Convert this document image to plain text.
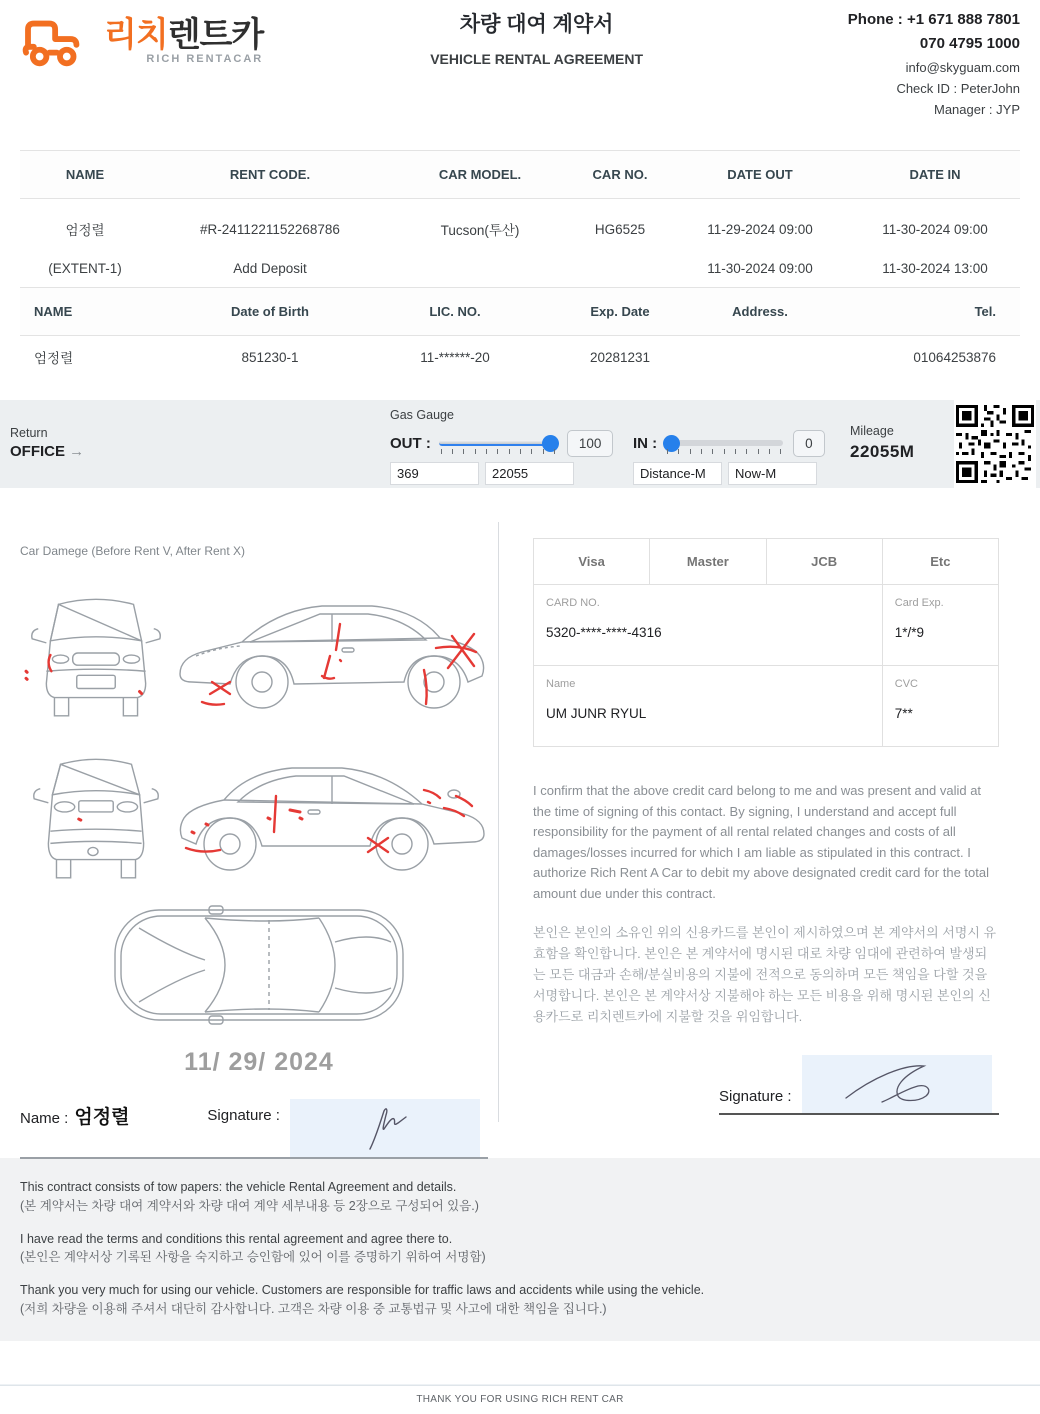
리치렌트카
RICH RENTACAR
차량 대여 계약서
VEHICLE RENTAL AGREEMENT
Phone : +1 671 888 7801
070 4795 1000
info@skyguam.com
Check ID : PeterJohn
Manager : JYP
NAME	RENT CODE.	CAR MODEL.	CAR NO.	DATE OUT	DATE IN
엄정렬	#R-2411221152268786	Tucson(투산)	HG6525	11-29-2024 09:00	11-30-2024 09:00
(EXTENT-1)	Add Deposit			11-30-2024 09:00	11-30-2024 13:00
NAME	Date of Birth	LIC. NO.	Exp. Date	Address.	Tel.
엄정렬	851230-1	11-******-20	20281231		01064253876
Return
OFFICE →
Gas Gauge
OUT :	100
369
22055	IN :	0
Distance-M
Now-M
Mileage
22055M
Car Damege (Before Rent V, After Rent X)
11/ 29/ 2024
Name : 엄정렬	Signature :
Visa	Master	JCB	Etc

CARD NO.
5320-****-****-4316

Card Exp.
1*/*9

Name
UM JUNR RYUL

CVC
7**

I confirm that the above credit card belong to me and was present and valid at the time of signing of this contact. By signing, I understand and accept full responsibility for the payment of all rental related changes and costs of all damages/losses incurred for which I am liable as stipulated in this contract. I authorize Rich Rent A Car to debit my above designated credit card for the total amount due under this contract.

본인은 본인의 소유인 위의 신용카드를 본인이 제시하였으며 본 계약서의 서명시 유효함을 확인합니다. 본인은 본 계약서에 명시된 대로 차량 임대에 관련하여 발생되는 모든 대금과 손해/분실비용의 지불에 전적으로 동의하며 모든 책임을 다할 것을 서명합니다. 본인은 본 계약서상 지불해야 하는 모든 비용을 위해 명시된 본인의 신용카드로 리치렌트카에 지불할 것을 위임합니다.

Signature :
This contract consists of tow papers: the vehicle Rental Agreement and details.
(본 계약서는 차량 대여 계약서와 차량 대여 계약 세부내용 등 2장으로 구성되어 있음.)
I have read the terms and conditions this rental agreement and agree there to.
(본인은 계약서상 기록된 사항을 숙지하고 승인함에 있어 이를 증명하기 위하여 서명함)
Thank you very much for using our vehicle. Customers are responsible for traffic laws and accidents while using the vehicle.
(저희 차량을 이용해 주셔서 대단히 감사합니다. 고객은 차량 이용 중 교통법규 및 사고에 대한 책임을 집니다.)
THANK YOU FOR USING RICH RENT CAR
